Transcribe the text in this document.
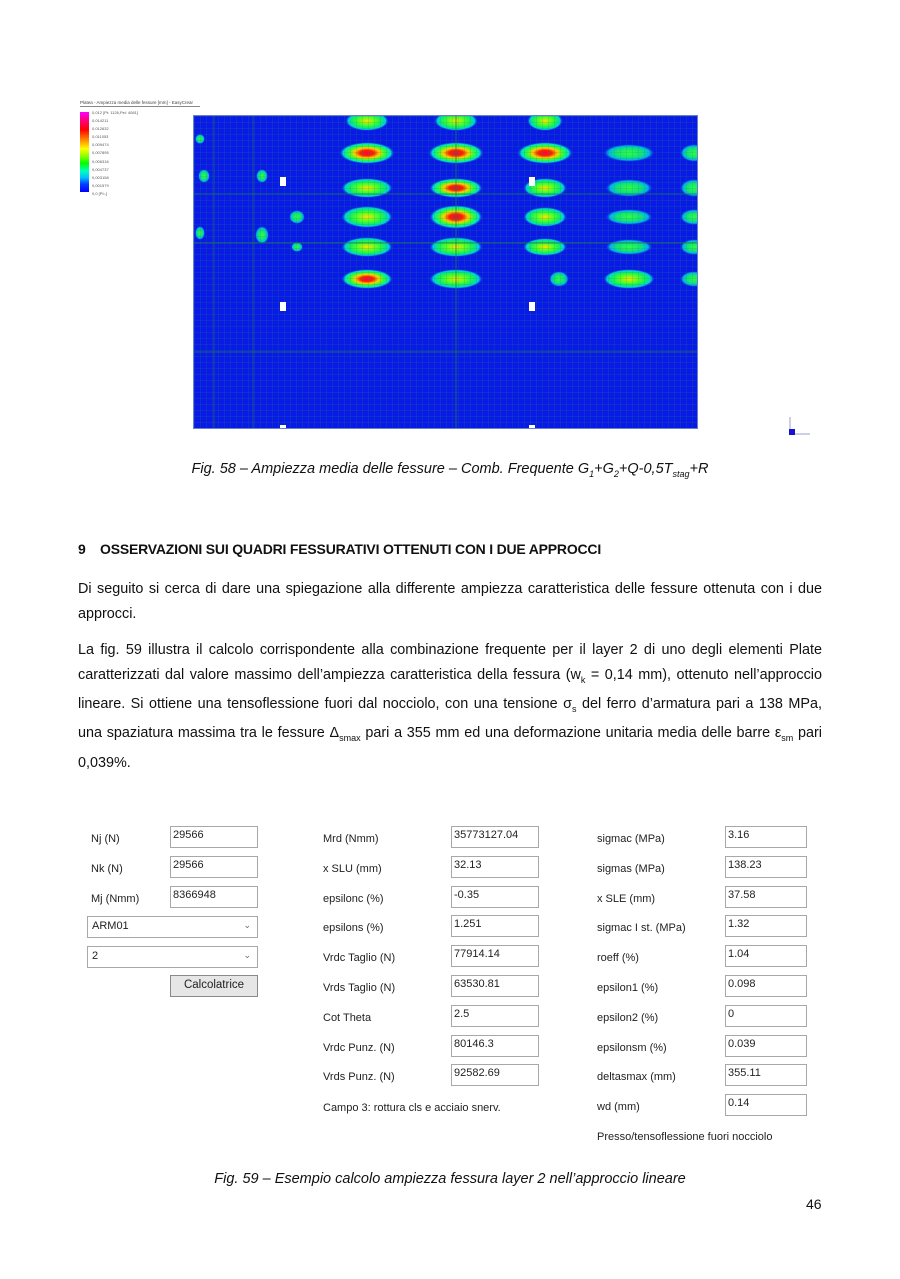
Platea - Ampiezza media delle fessure [mm] - EasyCrear
0,012 [Pt: 1126,Pel: 4081]
0,014211
0,012632
0,011053
0,009474
0,007895
0,006316
0,004737
0,003158
0,001579
0,0 [Pt:-]
Fig. 58 – Ampiezza media delle fessure – Comb. Frequente $G_1+G_2+Q-0,5T_{stag}+R$
9 OSSERVAZIONI SUI QUADRI FESSURATIVI OTTENUTI CON I DUE APPROCCI
Di seguito si cerca di dare una spiegazione alla differente ampiezza caratteristica delle fessure ottenuta con i due approcci.
La fig. 59 illustra il calcolo corrispondente alla combinazione frequente per il layer 2 di uno degli elementi Plate caratterizzati dal valore massimo dell’ampiezza caratteristica della fessura ($w_k = 0,14$ mm), ottenuto nell’approccio lineare. Si ottiene una tensoflessione fuori dal nocciolo, con una tensione $\sigma_s$ del ferro d’armatura pari a 138 MPa, una spaziatura massima tra le fessure $\Delta_{smax}$ pari a 355 mm ed una deformazione unitaria media delle barre $\varepsilon_{sm}$ pari 0,039%.
Nj (N)	29566
Nk (N)	29566
Mj (Nmm)	8366948
ARM01	⌄
2	⌄
Calcolatrice
Mrd (Nmm)	35773127.04
x SLU (mm)	32.13
epsilonc (%)	-0.35
epsilons (%)	1.251
Vrdc Taglio (N)	77914.14
Vrds Taglio (N)	63530.81
Cot Theta	2.5
Vrdc Punz. (N)	80146.3
Vrds Punz. (N)	92582.69
Campo 3: rottura cls e acciaio snerv.
sigmac (MPa)	3.16
sigmas (MPa)	138.23
x SLE (mm)	37.58
sigmac I st. (MPa)	1.32
roeff (%)	1.04
epsilon1 (%)	0.098
epsilon2 (%)	0
epsilonsm (%)	0.039
deltasmax (mm)	355.11
wd (mm)	0.14
Presso/tensoflessione fuori nocciolo
Fig. 59 – Esempio calcolo ampiezza fessura layer 2 nell’approccio lineare
46
